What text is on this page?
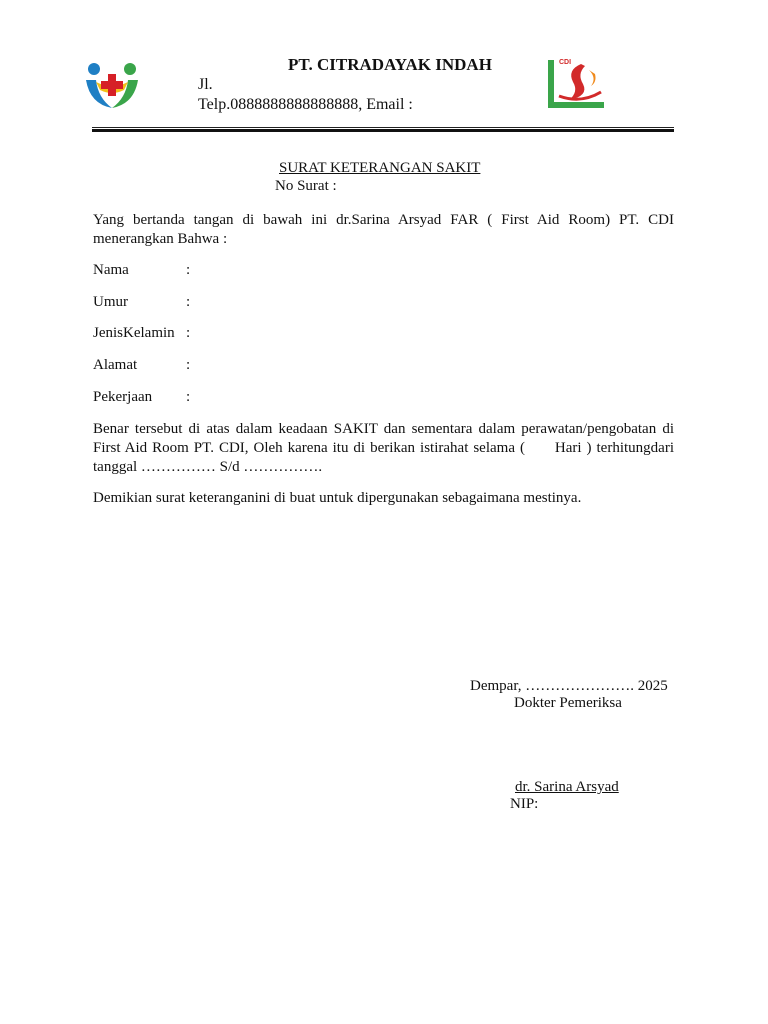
PT. CITRADAYAK INDAH
Jl.
Telp.0888888888888888, Email :
CDI
SURAT KETERANGAN SAKIT
No Surat :
Yang bertanda tangan di bawah ini dr.Sarina Arsyad FAR ( First Aid Room) PT. CDI menerangkan Bahwa :
Nama	:
Umur	:
JenisKelamin :
Alamat	:
Pekerjaan :
Benar tersebut di atas dalam keadaan SAKIT dan sementara dalam perawatan/pengobatan di First Aid Room PT. CDI, Oleh karena itu di berikan istirahat selama (      Hari ) terhitungdari tanggal …………… S/d …………….
Demikian surat keteranganini di buat untuk dipergunakan sebagaimana mestinya.
Dempar, …………………. 2025
Dokter Pemeriksa
dr. Sarina Arsyad
NIP:
